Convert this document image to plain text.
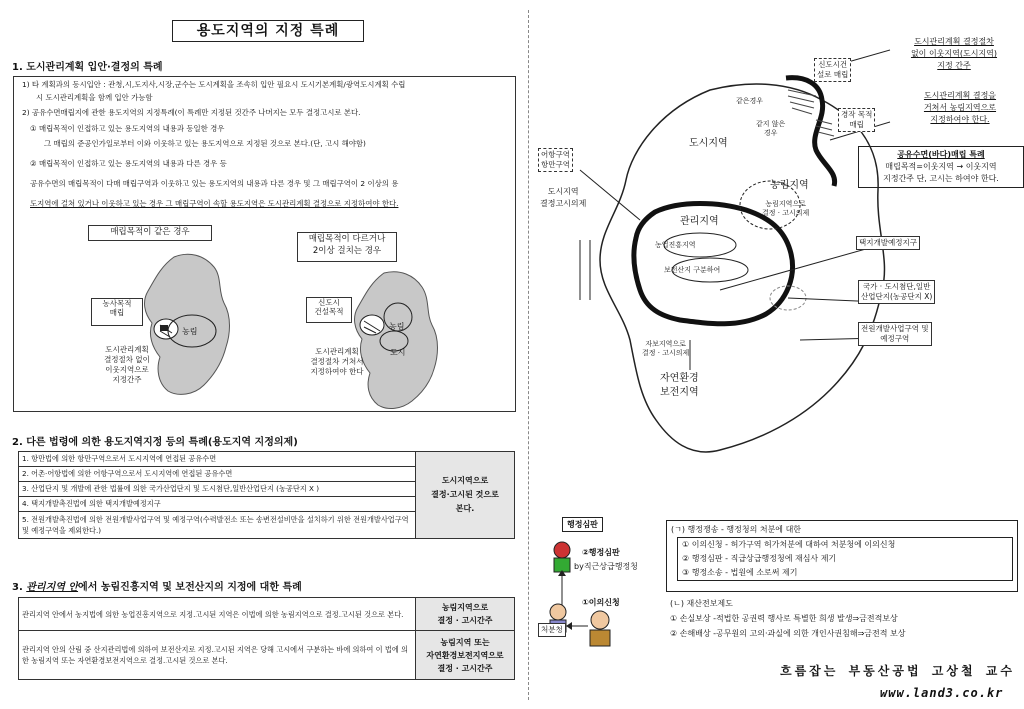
용도지역의 지정 특례
1. 도시관리계획 입안·결정의 특례
1) 타 계획과의 동시입안 : 관청,시,도지사,시장,군수는 도시계획을 조속히 입안 필요시 도시기본계획/광역도시계획 수립
시 도시관리계획을 함께 입안 가능함
2) 공유수면매립지에 관한 용도지역의 지정특례(이 특례만 지정된 것간주 나머지는 모두 결정고시로 본다.
① 매립목적이 인접하고 있는 용도지역의 내용과 동일한 경우
그 매립의 준공인가일로부터 이와 이웃하고 있는 용도지역으로 지정된 것으로 본다.(단, 고시 해야함)
② 매립목적이 인접하고 있는 용도지역의 내용과 다른 경우 등
공유수면의 매립목적이 다매 매립구역과 이웃하고 있는 용도지역의 내용과 다른 경우 및 그 매립구역이 2 이상의 용
도지역에 걸쳐 있거나 이웃하고 있는 경우 그 매립구역이 속할 용도지역은 도시관리계획 결정으로 지정하여야 한다.
매립목적이 같은 경우
매립목적이 다르거나
2이상 걸치는 경우
농사목적
매립
농림
도시관리계획
결정절차 없이
이웃지역으로
지정간주
신도시
건설목적
농림
도시
도시관리계획
결정절차 거쳐서
지정하여야 한다
2. 다른 법령에 의한 용도지역지정 등의 특례(용도지역 지정의제)
1. 항만법에 의한 항만구역으로서 도시지역에 연접된 공유수면	도시지역으로
결정·고시된 것으로
본다.
2. 어촌·어항법에 의한 어항구역으로서 도시지역에 연접된 공유수면
3. 산업단지 및 개발에 관한 법률에 의한 국가산업단지 및 도시첨단,일반산업단지 (농공단지 X )
4. 택지개발촉진법에 의한 택지개발예정지구
5. 전원개발촉진법에 의한 전원개발사업구역 및 예정구역(수력발전소 또는 송변전설비만을 설치하기 위한 전원개발사업구역 및 예정구역을 제외한다.)
3. 관리지역 안에서 농림진흥지역 및 보전산지의 지정에 대한 특례
관리지역 안에서 농지법에 의한 농업진흥지역으로 지정.고시된 지역은 이법에 의한 농림지역으로 결정.고시된 것으로 본다.	농림지역으로
결정 · 고시간주
관리지역 안의 산림 중 산지관리법에 의하여 보전산지로 지정.고시된 지역은 당해 고시에서 구분하는 바에 의하여 이 법에 의한 농림지역 또는 자연환경보전지역으로 결정.고시된 것으로 본다.	농림지역 또는
자연환경보전지역으로
결정 · 고시간주
도시관리계획 결정절차
없이 이웃지역(도시지역)
지정 간주
신도시건
설로 매립
같은경우
같지 않은
경우
경작 목적
매립
도시관리계획 결정을
거쳐서 농림지역으로
지정하여야 한다.
공유수면(바다)매립 특례
매립목적=이웃지역 → 이웃지역
지정간주 단, 고시는 하여야 한다.
어항구역
항만구역
도시지역
결정고시의제
도시지역
농림지역
관리지역
농업진흥지역
보전산지 구분하여
농림지역으로
결정 · 고시의제
택지개발예정지구
국가 · 도시첨단,일반
산업단지(농공단지 X)
전원개발사업구역 및
예정구역
자보지역으로
결정 · 고시의제
자연환경
보전지역
행정심판
②행정심판
by직근상급행정청
①이의신청
처분청
(ㄱ) 행정쟁송 - 행정청의 처분에 대한
① 이의신청 - 허가구역 허가처분에 대하여 처분청에 이의신청
② 행정심판 - 직급상급행정청에 재심사 제기
③ 행정소송 - 법원에 소로써 제기
(ㄴ) 재산전보제도
① 손실보상 -적법한 공권력 행사로 특별한 희생 발생⇒금전적보상
② 손해배상 -공무원의 고의·과실에 의한 개인사권침해⇒금전적 보상
흐름잡는 부동산공법 고상철 교수
www.land3.co.kr
